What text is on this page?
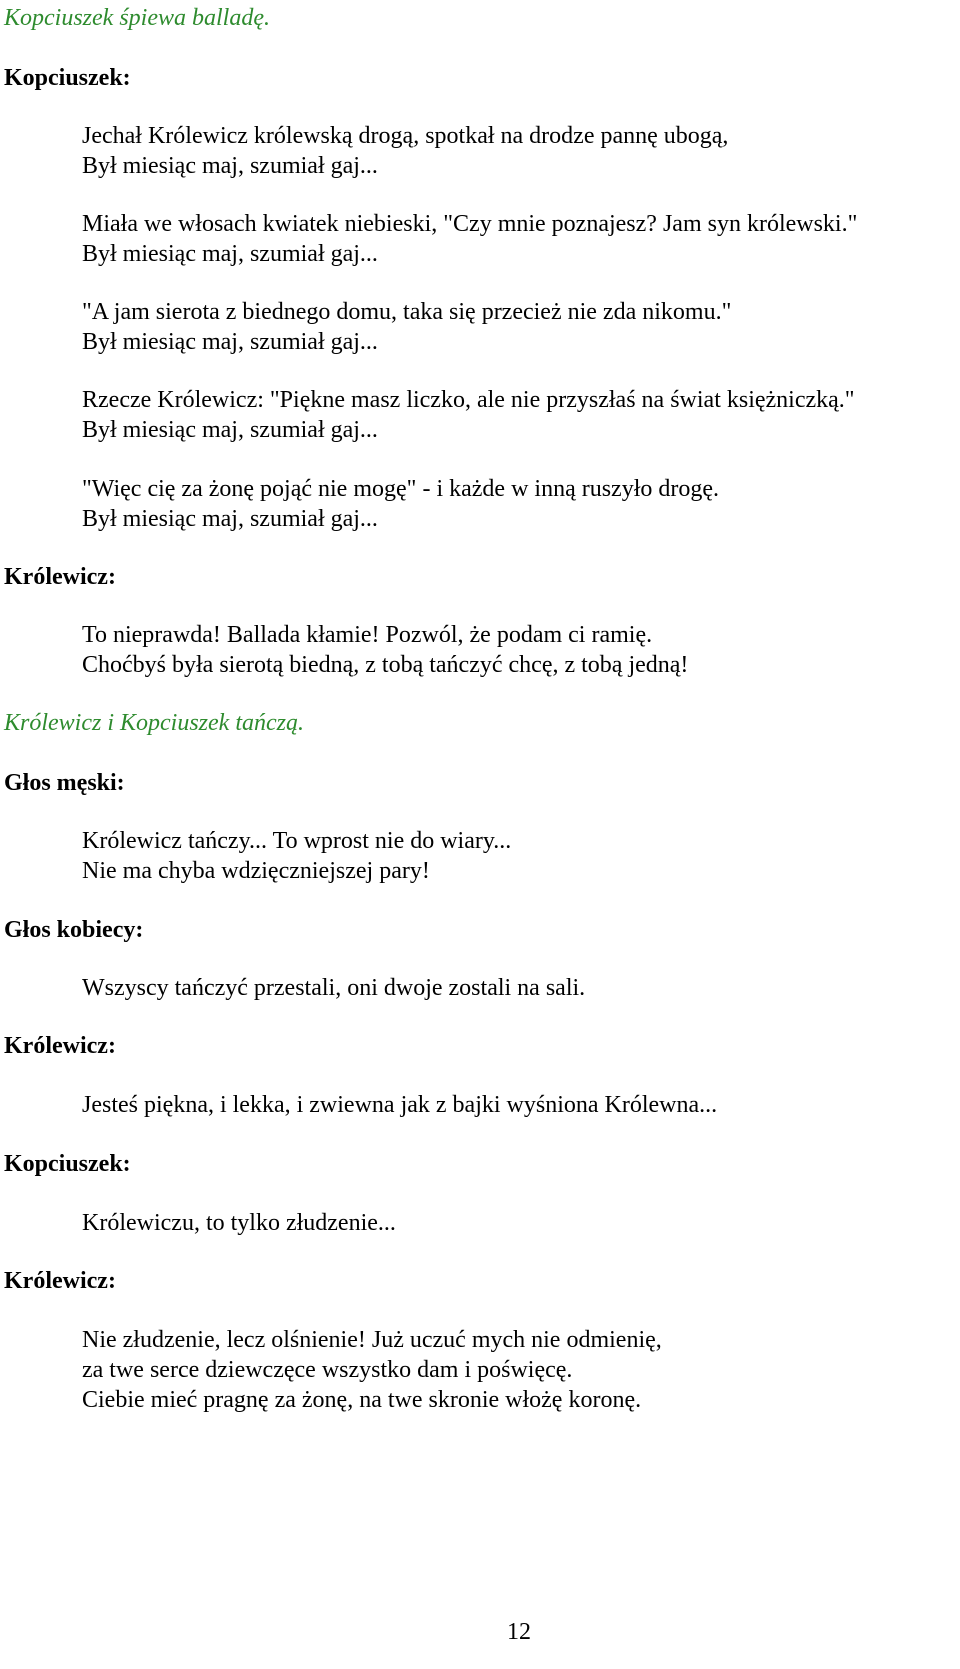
Kopciuszek śpiewa balladę.
Kopciuszek:
Jechał Królewicz królewską drogą, spotkał na drodze pannę ubogą,
Był miesiąc maj, szumiał gaj...
Miała we włosach kwiatek niebieski, "Czy mnie poznajesz? Jam syn królewski."
Był miesiąc maj, szumiał gaj...
"A jam sierota z biednego domu, taka się przecież nie zda nikomu."
Był miesiąc maj, szumiał gaj...
Rzecze Królewicz: "Piękne masz liczko, ale nie przyszłaś na świat księżniczką."
Był miesiąc maj, szumiał gaj...
"Więc cię za żonę pojąć nie mogę" - i każde w inną ruszyło drogę.
Był miesiąc maj, szumiał gaj...
Królewicz:
To nieprawda! Ballada kłamie! Pozwól, że podam ci ramię.
Choćbyś była sierotą biedną, z tobą tańczyć chcę, z tobą jedną!
Królewicz i Kopciuszek tańczą.
Głos męski:
Królewicz tańczy... To wprost nie do wiary...
Nie ma chyba wdzięczniejszej pary!
Głos kobiecy:
Wszyscy tańczyć przestali, oni dwoje zostali na sali.
Królewicz:
Jesteś piękna, i lekka, i zwiewna jak z bajki wyśniona Królewna...
Kopciuszek:
Królewiczu, to tylko złudzenie...
Królewicz:
Nie złudzenie, lecz olśnienie! Już uczuć mych nie odmienię,
za twe serce dziewczęce wszystko dam i poświęcę.
Ciebie mieć pragnę za żonę, na twe skronie włożę koronę.
12
